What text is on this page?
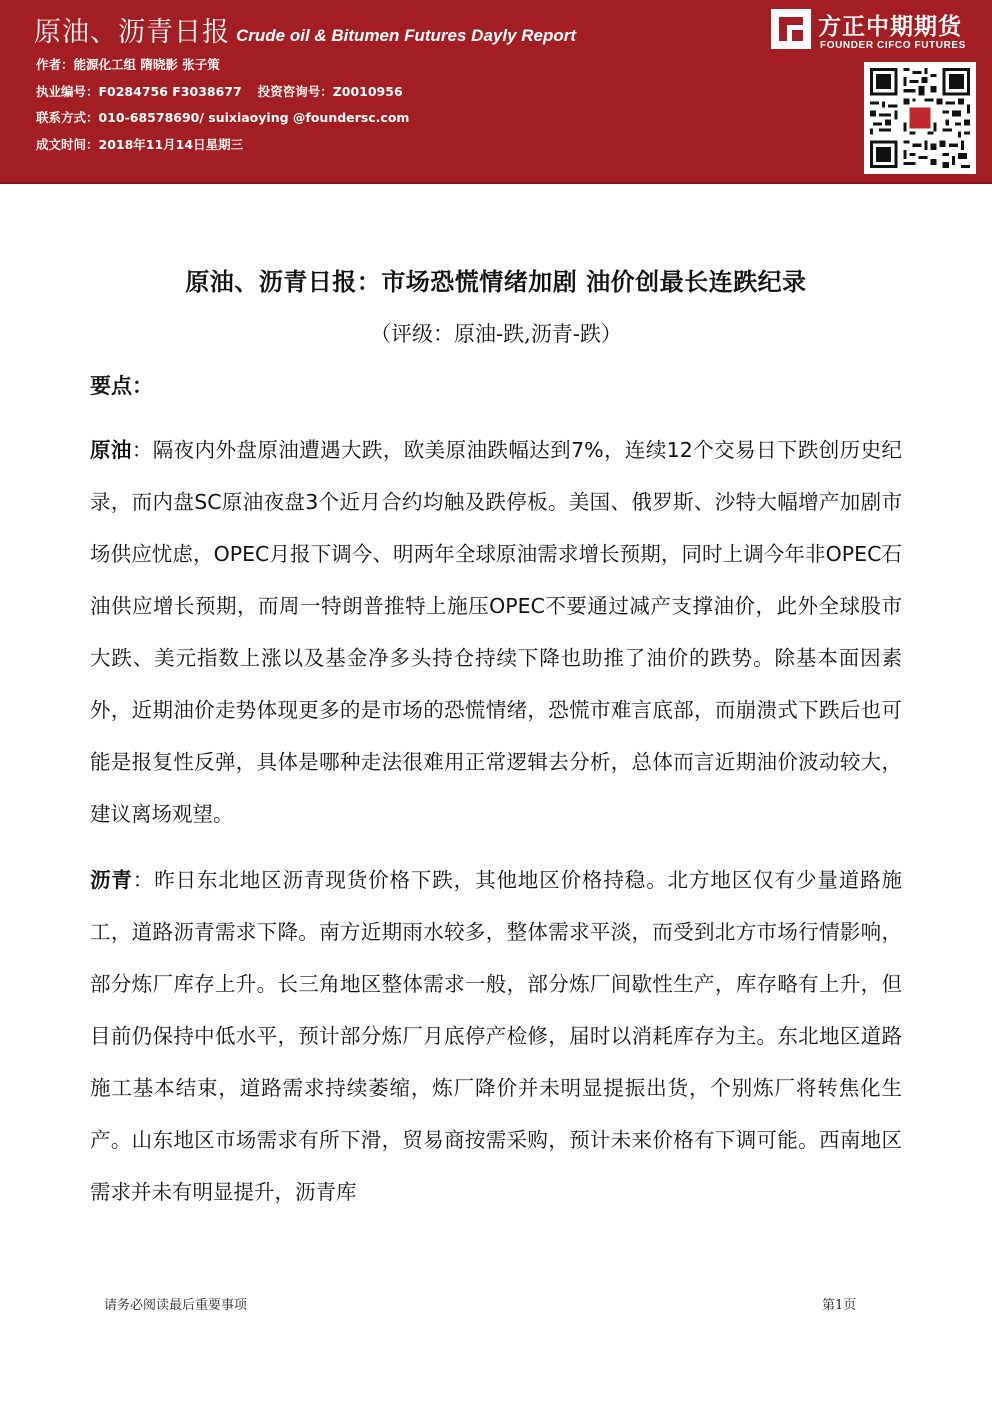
原油、沥青日报 Crude oil & Bitumen Futures Dayly Report
作者：能源化工组 隋晓影 张子策
执业编号：F0284756 F3038677 投资咨询号：Z0010956
联系方式：010-68578690/ suixiaoying @foundersc.com
成文时间：2018年11月14日星期三
方正中期期货
FOUNDER CIFCO FUTURES
原油、沥青日报：市场恐慌情绪加剧 油价创最长连跌纪录
（评级：原油-跌,沥青-跌）
要点：
原油：隔夜内外盘原油遭遇大跌，欧美原油跌幅达到7%，连续12个交易日下跌创历史纪录，而内盘SC原油夜盘3个近月合约均触及跌停板。美国、俄罗斯、沙特大幅增产加剧市场供应忧虑，OPEC月报下调今、明两年全球原油需求增长预期，同时上调今年非OPEC石油供应增长预期，而周一特朗普推特上施压OPEC不要通过减产支撑油价，此外全球股市大跌、美元指数上涨以及基金净多头持仓持续下降也助推了油价的跌势。除基本面因素外，近期油价走势体现更多的是市场的恐慌情绪，恐慌市难言底部，而崩溃式下跌后也可能是报复性反弹，具体是哪种走法很难用正常逻辑去分析，总体而言近期油价波动较大，建议离场观望。
沥青：昨日东北地区沥青现货价格下跌，其他地区价格持稳。北方地区仅有少量道路施工，道路沥青需求下降。南方近期雨水较多，整体需求平淡，而受到北方市场行情影响，部分炼厂库存上升。长三角地区整体需求一般，部分炼厂间歇性生产，库存略有上升，但目前仍保持中低水平，预计部分炼厂月底停产检修，届时以消耗库存为主。东北地区道路施工基本结束，道路需求持续萎缩，炼厂降价并未明显提振出货，个别炼厂将转焦化生产。山东地区市场需求有所下滑，贸易商按需采购，预计未来价格有下调可能。西南地区需求并未有明显提升，沥青库
请务必阅读最后重要事项	第1页
